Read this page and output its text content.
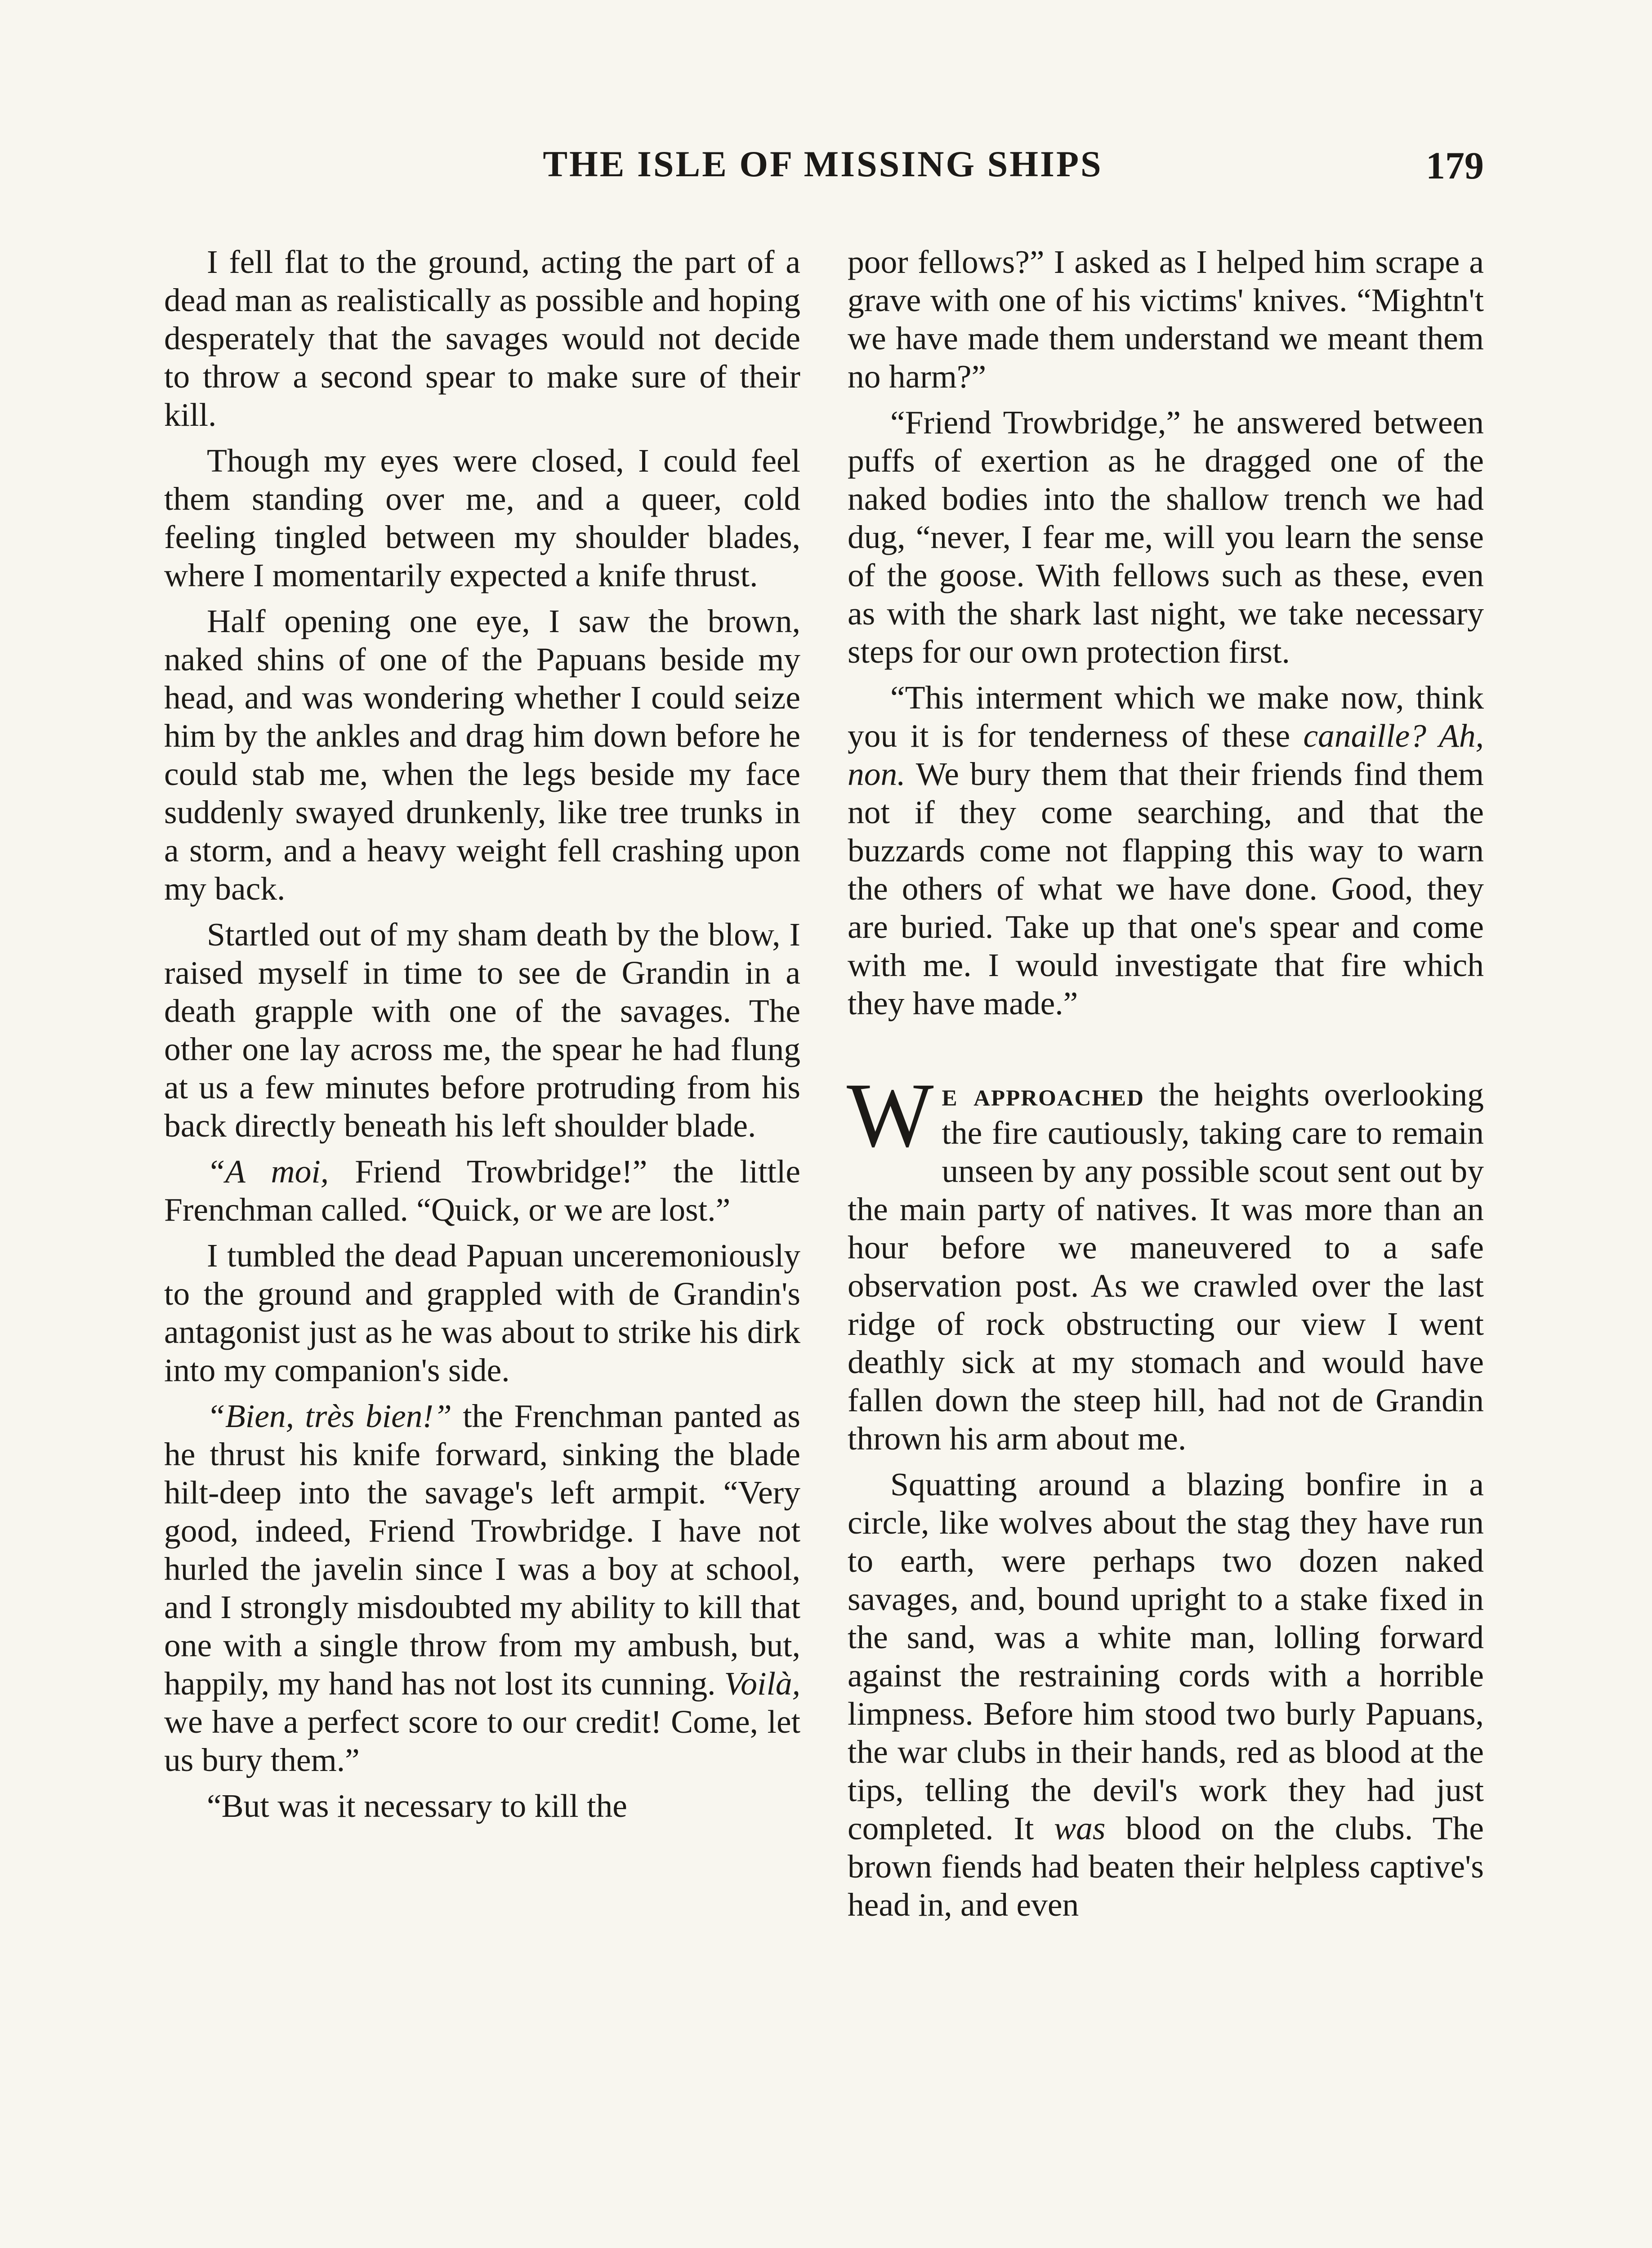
THE ISLE OF MISSING SHIPS	179

I fell flat to the ground, acting the part of a dead man as realistically as possible and hoping desperately that the savages would not decide to throw a second spear to make sure of their kill.

Though my eyes were closed, I could feel them standing over me, and a queer, cold feeling tingled between my shoulder blades, where I momentarily expected a knife thrust.

Half opening one eye, I saw the brown, naked shins of one of the Papuans beside my head, and was wondering whether I could seize him by the ankles and drag him down before he could stab me, when the legs beside my face suddenly swayed drunkenly, like tree trunks in a storm, and a heavy weight fell crashing upon my back.

Startled out of my sham death by the blow, I raised myself in time to see de Grandin in a death grapple with one of the savages. The other one lay across me, the spear he had flung at us a few minutes before protruding from his back directly beneath his left shoulder blade.

“A moi, Friend Trowbridge!” the little Frenchman called. “Quick, or we are lost.”

I tumbled the dead Papuan unceremoniously to the ground and grappled with de Grandin's antagonist just as he was about to strike his dirk into my companion's side.

“Bien, très bien!” the Frenchman panted as he thrust his knife forward, sinking the blade hilt-deep into the savage's left armpit. “Very good, indeed, Friend Trowbridge. I have not hurled the javelin since I was a boy at school, and I strongly misdoubted my ability to kill that one with a single throw from my ambush, but, happily, my hand has not lost its cunning. Voilà, we have a perfect score to our credit! Come, let us bury them.”

“But was it necessary to kill the

poor fellows?” I asked as I helped him scrape a grave with one of his victims' knives. “Mightn't we have made them understand we meant them no harm?”

“Friend Trowbridge,” he answered between puffs of exertion as he dragged one of the naked bodies into the shallow trench we had dug, “never, I fear me, will you learn the sense of the goose. With fellows such as these, even as with the shark last night, we take necessary steps for our own protection first.

“This interment which we make now, think you it is for tenderness of these canaille? Ah, non. We bury them that their friends find them not if they come searching, and that the buzzards come not flapping this way to warn the others of what we have done. Good, they are buried. Take up that one's spear and come with me. I would investigate that fire which they have made.”

We approached the heights overlooking the fire cautiously, taking care to remain unseen by any possible scout sent out by the main party of natives. It was more than an hour before we maneuvered to a safe observation post. As we crawled over the last ridge of rock obstructing our view I went deathly sick at my stomach and would have fallen down the steep hill, had not de Grandin thrown his arm about me.

Squatting around a blazing bonfire in a circle, like wolves about the stag they have run to earth, were perhaps two dozen naked savages, and, bound upright to a stake fixed in the sand, was a white man, lolling forward against the restraining cords with a horrible limpness. Before him stood two burly Papuans, the war clubs in their hands, red as blood at the tips, telling the devil's work they had just completed. It was blood on the clubs. The brown fiends had beaten their helpless captive's head in, and even
